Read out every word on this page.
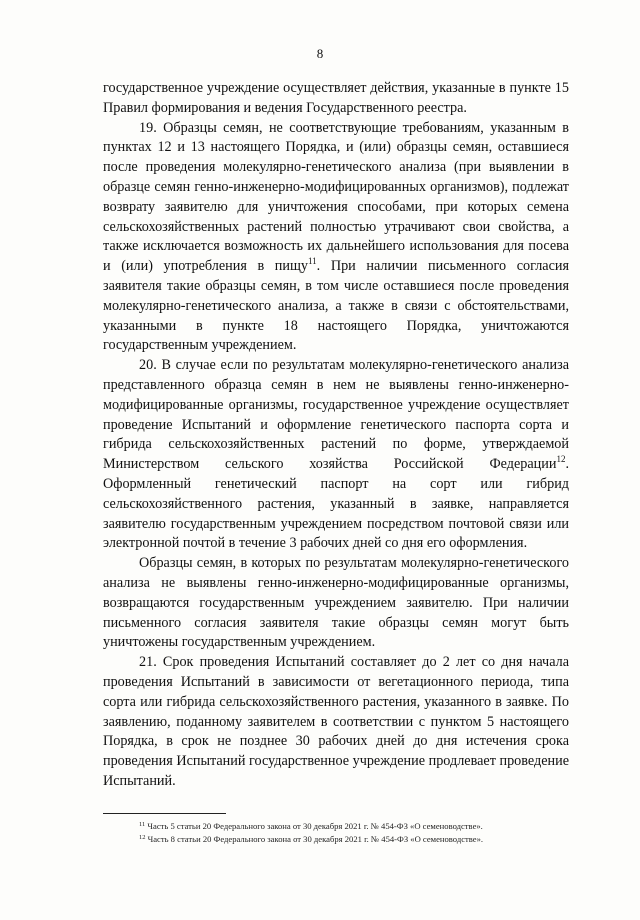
8

государственное учреждение осуществляет действия, указанные в пункте 15 Правил формирования и ведения Государственного реестра.

19. Образцы семян, не соответствующие требованиям, указанным в пунктах 12 и 13 настоящего Порядка, и (или) образцы семян, оставшиеся после проведения молекулярно-генетического анализа (при выявлении в образце семян генно-инженерно-модифицированных организмов), подлежат возврату заявителю для уничтожения способами, при которых семена сельскохозяйственных растений полностью утрачивают свои свойства, а также исключается возможность их дальнейшего использования для посева и (или) употребления в пищу$^{11}$. При наличии письменного согласия заявителя такие образцы семян, в том числе оставшиеся после проведения молекулярно-генетического анализа, а также в связи с обстоятельствами, указанными в пункте 18 настоящего Порядка, уничтожаются государственным учреждением.

20. В случае если по результатам молекулярно-генетического анализа представленного образца семян в нем не выявлены генно-инженерно-модифицированные организмы, государственное учреждение осуществляет проведение Испытаний и оформление генетического паспорта сорта и гибрида сельскохозяйственных растений по форме, утверждаемой Министерством сельского хозяйства Российской Федерации$^{12}$. Оформленный генетический паспорт на сорт или гибрид сельскохозяйственного растения, указанный в заявке, направляется заявителю государственным учреждением посредством почтовой связи или электронной почтой в течение 3 рабочих дней со дня его оформления.

Образцы семян, в которых по результатам молекулярно-генетического анализа не выявлены генно-инженерно-модифицированные организмы, возвращаются государственным учреждением заявителю. При наличии письменного согласия заявителя такие образцы семян могут быть уничтожены государственным учреждением.

21. Срок проведения Испытаний составляет до 2 лет со дня начала проведения Испытаний в зависимости от вегетационного периода, типа сорта или гибрида сельскохозяйственного растения, указанного в заявке. По заявлению, поданному заявителем в соответствии с пунктом 5 настоящего Порядка, в срок не позднее 30 рабочих дней до дня истечения срока проведения Испытаний государственное учреждение продлевает проведение Испытаний.

$^{11}$ Часть 5 статьи 20 Федерального закона от 30 декабря 2021 г. № 454-ФЗ «О семеноводстве».
$^{12}$ Часть 8 статьи 20 Федерального закона от 30 декабря 2021 г. № 454-ФЗ «О семеноводстве».
